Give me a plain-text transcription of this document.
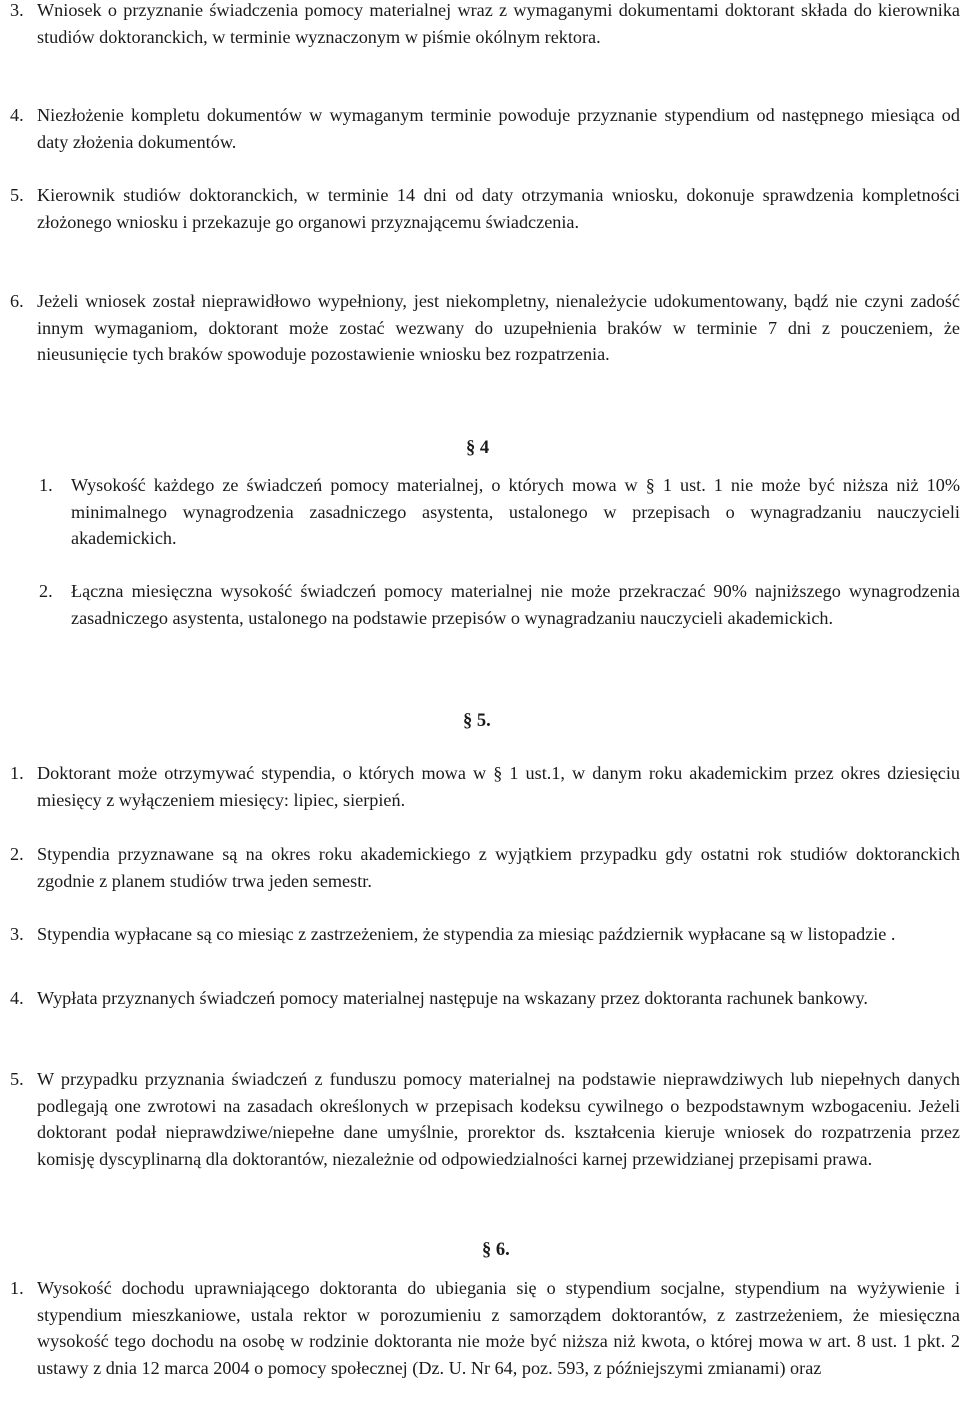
3. Wniosek o przyznanie świadczenia pomocy materialnej wraz z wymaganymi dokumentami doktorant składa do kierownika studiów doktoranckich, w terminie wyznaczonym w piśmie okólnym rektora.
4. Niezłożenie kompletu dokumentów w wymaganym terminie powoduje przyznanie stypendium od następnego miesiąca od daty złożenia dokumentów.
5. Kierownik studiów doktoranckich, w terminie 14 dni od daty otrzymania wniosku, dokonuje sprawdzenia kompletności złożonego wniosku i przekazuje go organowi przyznającemu świadczenia.
6. Jeżeli wniosek został nieprawidłowo wypełniony, jest niekompletny, nienależycie udokumentowany, bądź nie czyni zadość innym wymaganiom, doktorant może zostać wezwany do uzupełnienia braków w terminie 7 dni z pouczeniem, że nieusunięcie tych braków spowoduje pozostawienie wniosku bez rozpatrzenia.
§ 4
1. Wysokość każdego ze świadczeń pomocy materialnej, o których mowa w § 1 ust. 1 nie może być niższa niż 10% minimalnego wynagrodzenia zasadniczego asystenta, ustalonego w przepisach o wynagradzaniu nauczycieli akademickich.
2. Łączna miesięczna wysokość świadczeń pomocy materialnej nie może przekraczać 90% najniższego wynagrodzenia zasadniczego asystenta, ustalonego na podstawie przepisów o wynagradzaniu nauczycieli akademickich.
§ 5.
1. Doktorant może otrzymywać stypendia, o których mowa w § 1 ust.1, w danym roku akademickim przez okres dziesięciu miesięcy z wyłączeniem miesięcy: lipiec, sierpień.
2. Stypendia przyznawane są na okres roku akademickiego z wyjątkiem przypadku gdy ostatni rok studiów doktoranckich zgodnie z planem studiów trwa jeden semestr.
3. Stypendia wypłacane są co miesiąc z zastrzeżeniem, że stypendia za miesiąc październik wypłacane są w listopadzie .
4. Wypłata przyznanych świadczeń pomocy materialnej następuje na wskazany przez doktoranta rachunek bankowy.
5. W przypadku przyznania świadczeń z funduszu pomocy materialnej na podstawie nieprawdziwych lub niepełnych danych podlegają one zwrotowi na zasadach określonych w przepisach kodeksu cywilnego o bezpodstawnym wzbogaceniu. Jeżeli doktorant podał nieprawdziwe/niepełne dane umyślnie, prorektor ds. kształcenia kieruje wniosek do rozpatrzenia przez komisję dyscyplinarną dla doktorantów, niezależnie od odpowiedzialności karnej przewidzianej przepisami prawa.
§ 6.
1. Wysokość dochodu uprawniającego doktoranta do ubiegania się o stypendium socjalne, stypendium na wyżywienie i stypendium mieszkaniowe, ustala rektor w porozumieniu z samorządem doktorantów, z zastrzeżeniem, że miesięczna wysokość tego dochodu na osobę w rodzinie doktoranta nie może być niższa niż kwota, o której mowa w art. 8 ust. 1 pkt. 2 ustawy z dnia 12 marca 2004 o pomocy społecznej (Dz. U. Nr 64, poz. 593, z późniejszymi zmianami) oraz
